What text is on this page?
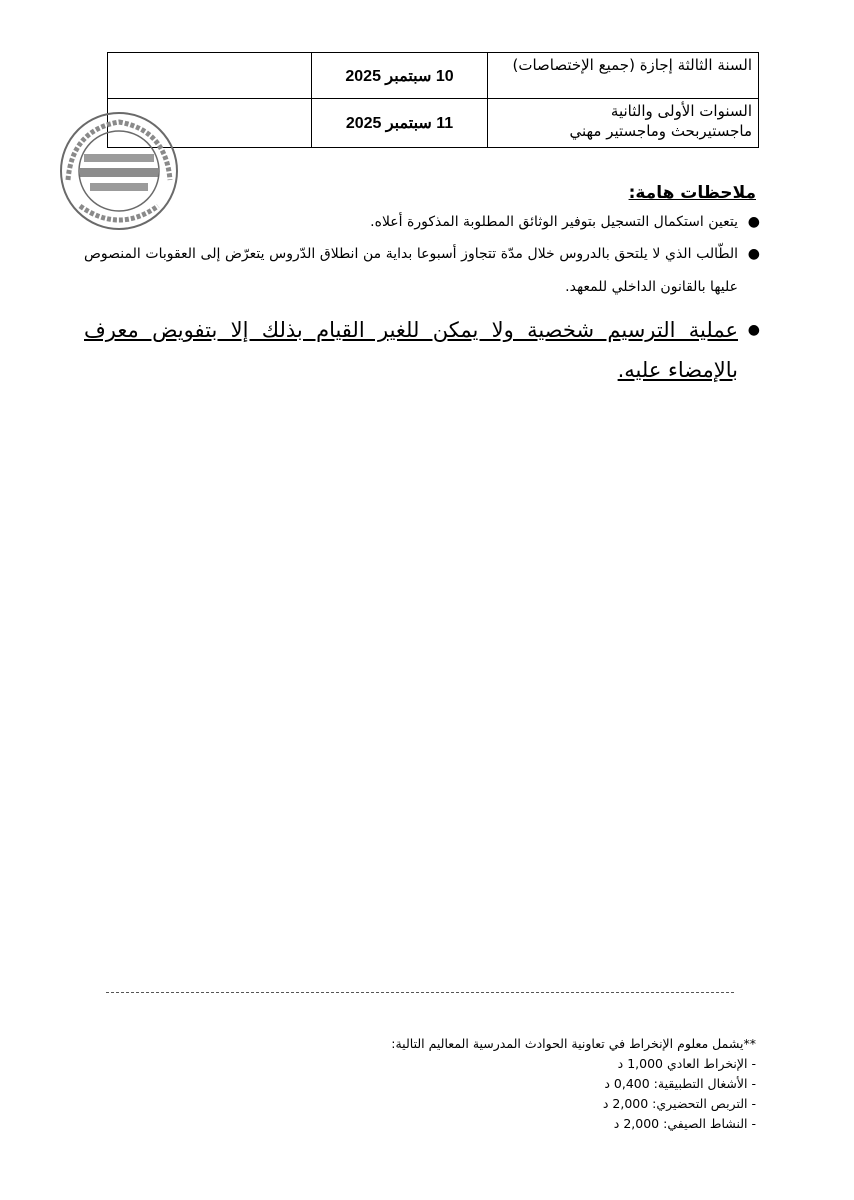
السنة الثالثة إجازة (جميع الإختصاصات)	10 سبتمبر 2025	

السنوات الأولى والثانية
ماجستيربحث وماجستير مهني	11 سبتمبر 2025	
ملاحظات هامة:
●
يتعين استكمال التسجيل بتوفير الوثائق المطلوبة المذكورة أعلاه.
●
الطّالب الذي لا يلتحق بالدروس خلال مدّة تتجاوز أسبوعا بداية من انطلاق الدّروس يتعرّض إلى العقوبات المنصوص عليها بالقانون الداخلي للمعهد.
●
عملية الترسيم شخصية ولا يمكن للغير القيام بذلك إلا بتفويض معرف بالإمضاء عليه.
**يشمل معلوم الإنخراط في تعاونية الحوادث المدرسية المعاليم التالية:
- الإنخراط العادي 1,000 د
- الأشغال التطبيقية: 0,400 د
- التربص التحضيري: 2,000 د
- النشاط الصيفي: 2,000 د
